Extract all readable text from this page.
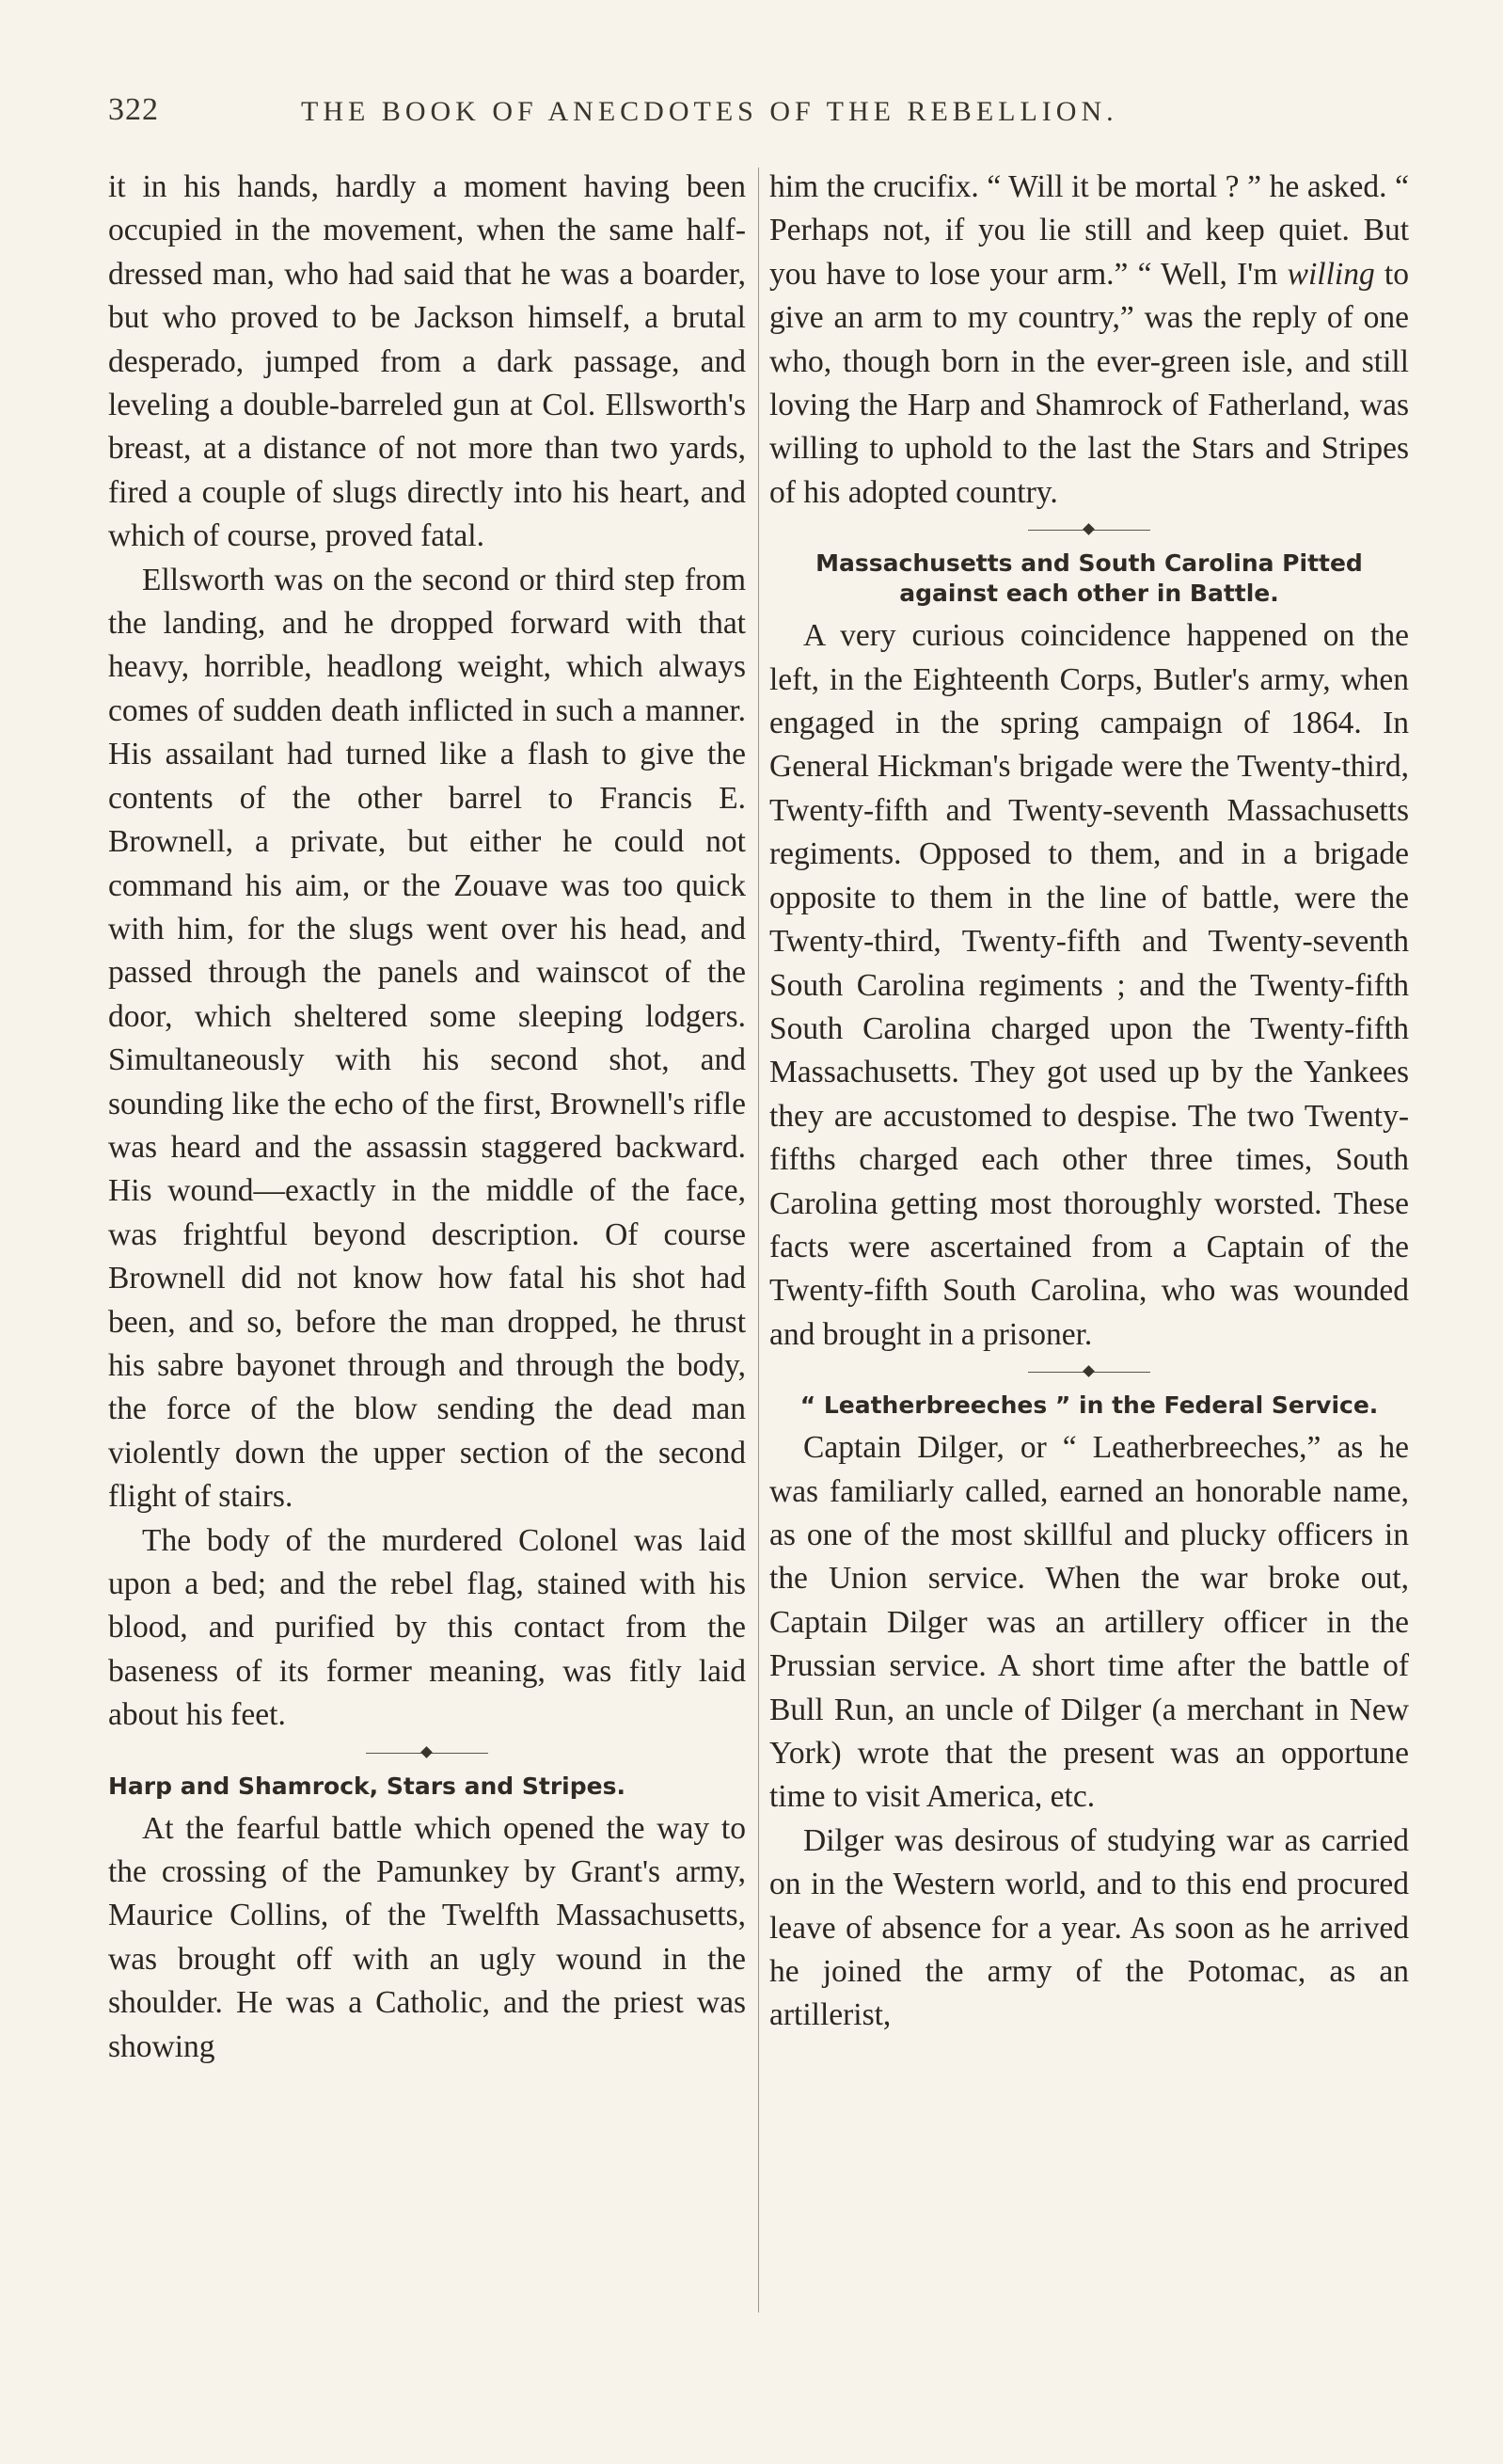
322	THE BOOK OF ANECDOTES OF THE REBELLION.

it in his hands, hardly a moment having been occupied in the movement, when the same half-dressed man, who had said that he was a boarder, but who proved to be Jackson himself, a brutal desperado, jumped from a dark passage, and leveling a double-barreled gun at Col. Ellsworth's breast, at a distance of not more than two yards, fired a couple of slugs directly into his heart, and which of course, proved fatal.

Ellsworth was on the second or third step from the landing, and he dropped forward with that heavy, horrible, headlong weight, which always comes of sudden death inflicted in such a manner. His assailant had turned like a flash to give the contents of the other barrel to Francis E. Brownell, a private, but either he could not command his aim, or the Zouave was too quick with him, for the slugs went over his head, and passed through the panels and wainscot of the door, which sheltered some sleeping lodgers. Simultaneously with his second shot, and sounding like the echo of the first, Brownell's rifle was heard and the assassin staggered backward. His wound—exactly in the middle of the face, was frightful beyond description. Of course Brownell did not know how fatal his shot had been, and so, before the man dropped, he thrust his sabre bayonet through and through the body, the force of the blow sending the dead man violently down the upper section of the second flight of stairs.

The body of the murdered Colonel was laid upon a bed; and the rebel flag, stained with his blood, and purified by this contact from the baseness of its former meaning, was fitly laid about his feet.

Harp and Shamrock, Stars and Stripes.

At the fearful battle which opened the way to the crossing of the Pamunkey by Grant's army, Maurice Collins, of the Twelfth Massachusetts, was brought off with an ugly wound in the shoulder. He was a Catholic, and the priest was showing

him the crucifix. “ Will it be mortal ? ” he asked. “ Perhaps not, if you lie still and keep quiet. But you have to lose your arm.” “ Well, I'm willing to give an arm to my country,” was the reply of one who, though born in the ever-green isle, and still loving the Harp and Shamrock of Fatherland, was willing to uphold to the last the Stars and Stripes of his adopted country.

Massachusetts and South Carolina Pitted
against each other in Battle.

A very curious coincidence happened on the left, in the Eighteenth Corps, Butler's army, when engaged in the spring campaign of 1864. In General Hickman's brigade were the Twenty-third, Twenty-fifth and Twenty-seventh Massachusetts regiments. Opposed to them, and in a brigade opposite to them in the line of battle, were the Twenty-third, Twenty-fifth and Twenty-seventh South Carolina regiments ; and the Twenty-fifth South Carolina charged upon the Twenty-fifth Massachusetts. They got used up by the Yankees they are accustomed to despise. The two Twenty-fifths charged each other three times, South Carolina getting most thoroughly worsted. These facts were ascertained from a Captain of the Twenty-fifth South Carolina, who was wounded and brought in a prisoner.

“ Leatherbreeches ” in the Federal Service.

Captain Dilger, or “ Leatherbreeches,” as he was familiarly called, earned an honorable name, as one of the most skillful and plucky officers in the Union service. When the war broke out, Captain Dilger was an artillery officer in the Prussian service. A short time after the battle of Bull Run, an uncle of Dilger (a merchant in New York) wrote that the present was an opportune time to visit America, etc.

Dilger was desirous of studying war as carried on in the Western world, and to this end procured leave of absence for a year. As soon as he arrived he joined the army of the Potomac, as an artillerist,
